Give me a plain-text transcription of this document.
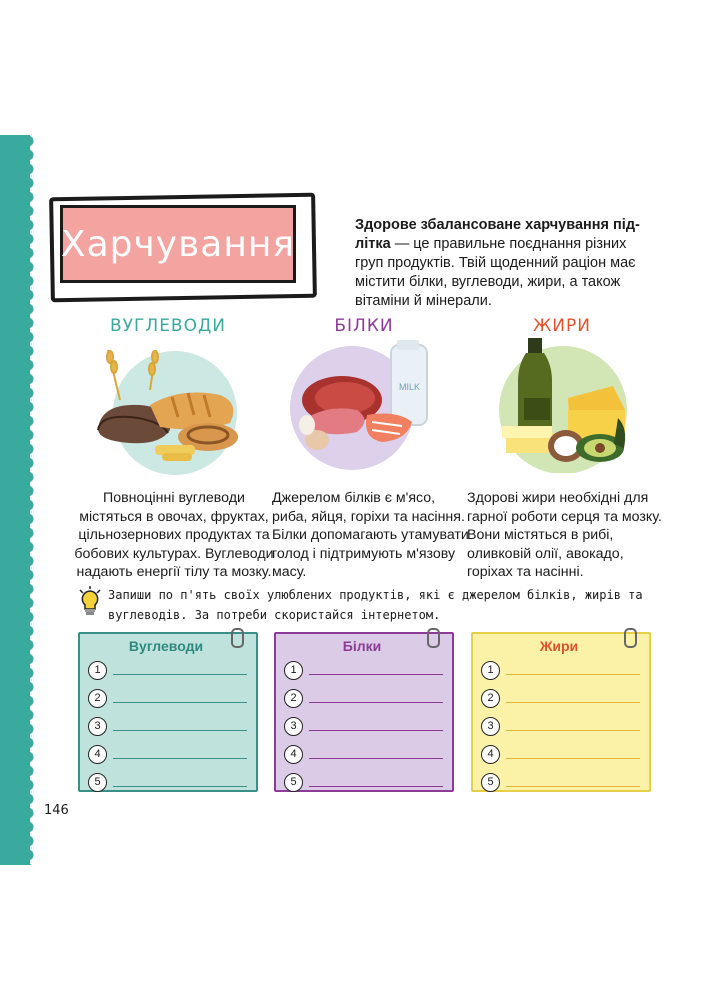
Харчування	Здорове збалансоване харчування під-літка — це правильне поєднання різних груп продуктів. Твій щоденний раціон має містити білки, вуглеводи, жири, а також вітаміни й мінерали.
ВУГЛЕВОДИ	БІЛКИ	ЖИРИ
MILK
Повноцінні вуглеводи містяться в овочах, фруктах, цільнозернових продуктах та бобових культурах. Вуглеводи надають енергії тілу та мозку.
Джерелом білків є м'ясо, риба, яйця, горіхи та насіння. Білки допомагають утамувати голод і підтримують м'язову масу.
Здорові жири необхідні для гарної роботи серця та мозку. Вони містяться в рибі, оливковій олії, авокадо, горіхах та насінні.
Запиши по п'ять своїх улюблених продуктів, які є джерелом білків, жирів та вуглеводів. За потреби скористайся інтернетом.
Вуглеводи
1
2
3
4
5
Білки
1
2
3
4
5
Жири
1
2
3
4
5
146
